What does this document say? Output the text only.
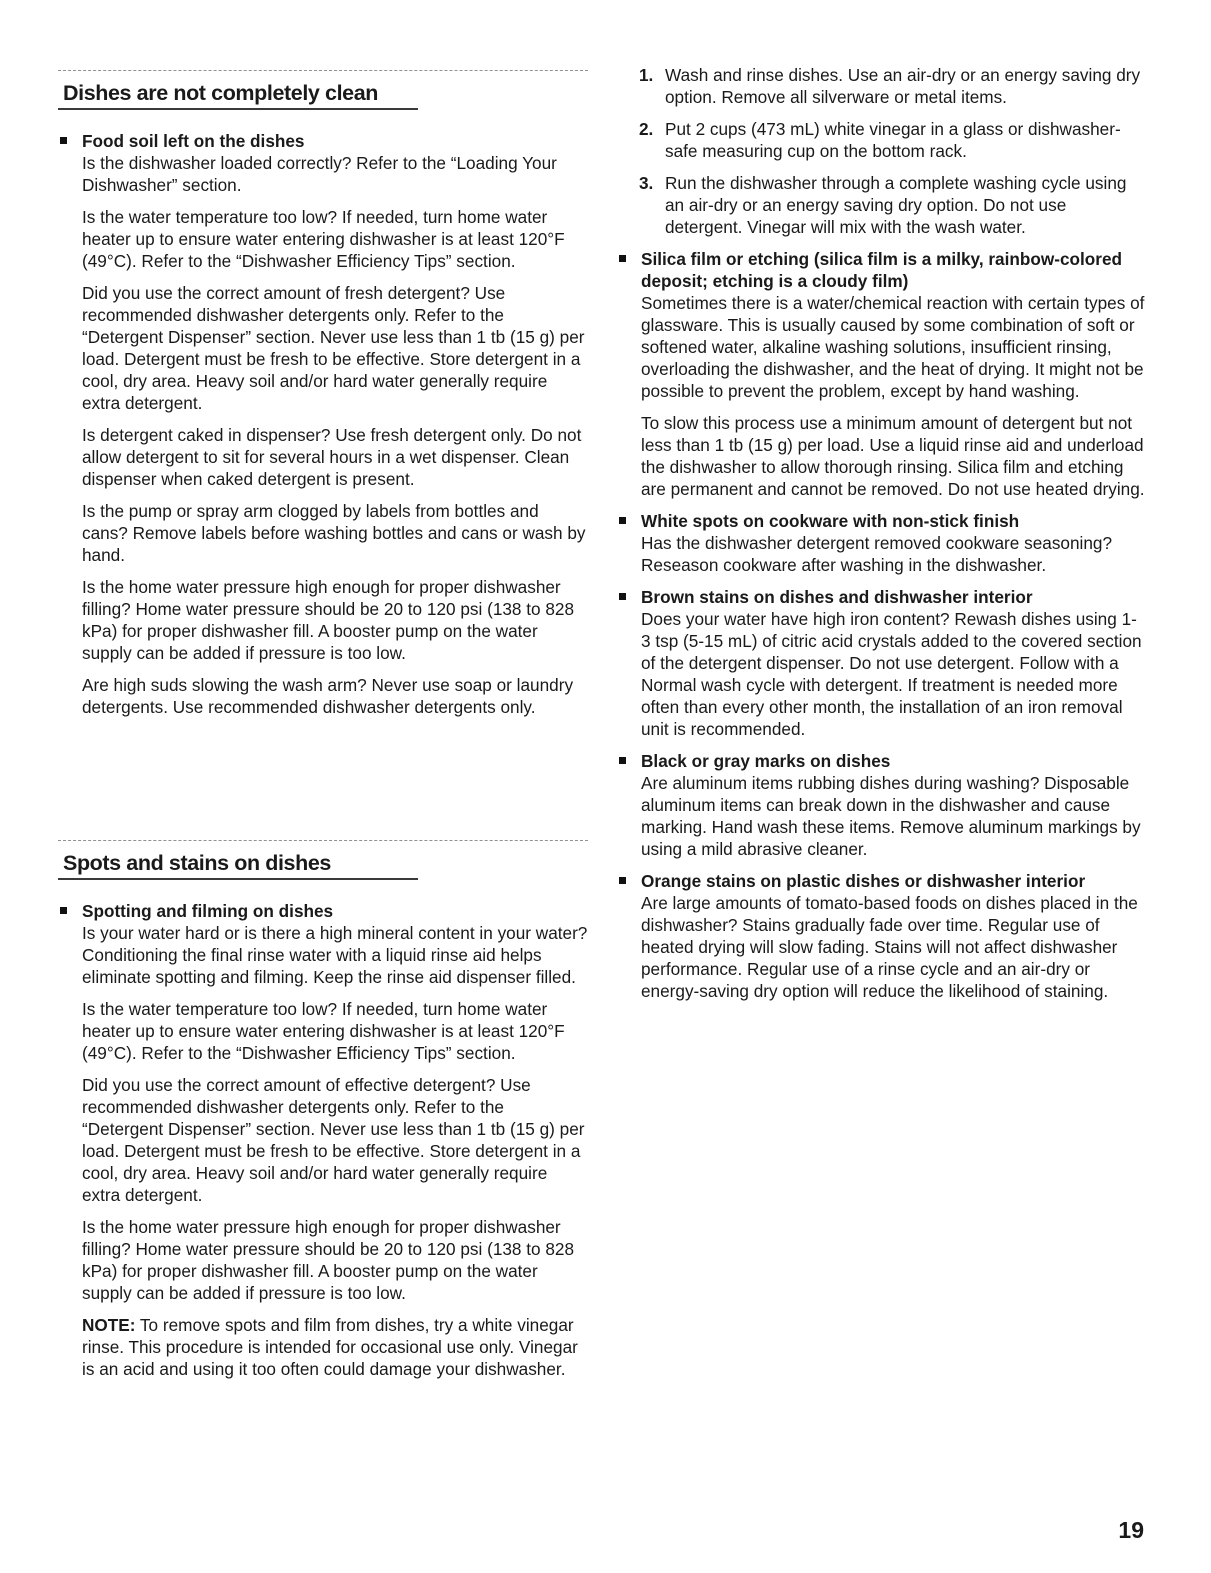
Dishes are not completely clean

Food soil left on the dishes

Is the dishwasher loaded correctly? Refer to the “Loading Your Dishwasher” section.

Is the water temperature too low? If needed, turn home water heater up to ensure water entering dishwasher is at least 120°F (49°C). Refer to the “Dishwasher Efficiency Tips” section.

Did you use the correct amount of fresh detergent? Use recommended dishwasher detergents only. Refer to the “Detergent Dispenser” section. Never use less than 1 tb (15 g) per load. Detergent must be fresh to be effective. Store detergent in a cool, dry area. Heavy soil and/or hard water generally require extra detergent.

Is detergent caked in dispenser? Use fresh detergent only. Do not allow detergent to sit for several hours in a wet dispenser. Clean dispenser when caked detergent is present.

Is the pump or spray arm clogged by labels from bottles and cans? Remove labels before washing bottles and cans or wash by hand.

Is the home water pressure high enough for proper dishwasher filling? Home water pressure should be 20 to 120 psi (138 to 828 kPa) for proper dishwasher fill. A booster pump on the water supply can be added if pressure is too low.

Are high suds slowing the wash arm? Never use soap or laundry detergents. Use recommended dishwasher detergents only.

Spots and stains on dishes

Spotting and filming on dishes

Is your water hard or is there a high mineral content in your water? Conditioning the final rinse water with a liquid rinse aid helps eliminate spotting and filming. Keep the rinse aid dispenser filled.

Is the water temperature too low? If needed, turn home water heater up to ensure water entering dishwasher is at least 120°F (49°C). Refer to the “Dishwasher Efficiency Tips” section.

Did you use the correct amount of effective detergent? Use recommended dishwasher detergents only. Refer to the “Detergent Dispenser” section. Never use less than 1 tb (15 g) per load. Detergent must be fresh to be effective. Store detergent in a cool, dry area. Heavy soil and/or hard water generally require extra detergent.

Is the home water pressure high enough for proper dishwasher filling? Home water pressure should be 20 to 120 psi (138 to 828 kPa) for proper dishwasher fill. A booster pump on the water supply can be added if pressure is too low.

NOTE: To remove spots and film from dishes, try a white vinegar rinse. This procedure is intended for occasional use only. Vinegar is an acid and using it too often could damage your dishwasher.

1. Wash and rinse dishes. Use an air-dry or an energy saving dry option. Remove all silverware or metal items.
2. Put 2 cups (473 mL) white vinegar in a glass or dishwasher-safe measuring cup on the bottom rack.
3. Run the dishwasher through a complete washing cycle using an air-dry or an energy saving dry option. Do not use detergent. Vinegar will mix with the wash water.

Silica film or etching (silica film is a milky, rainbow-colored deposit; etching is a cloudy film)

Sometimes there is a water/chemical reaction with certain types of glassware. This is usually caused by some combination of soft or softened water, alkaline washing solutions, insufficient rinsing, overloading the dishwasher, and the heat of drying. It might not be possible to prevent the problem, except by hand washing.

To slow this process use a minimum amount of detergent but not less than 1 tb (15 g) per load. Use a liquid rinse aid and underload the dishwasher to allow thorough rinsing. Silica film and etching are permanent and cannot be removed. Do not use heated drying.

White spots on cookware with non-stick finish

Has the dishwasher detergent removed cookware seasoning? Reseason cookware after washing in the dishwasher.

Brown stains on dishes and dishwasher interior

Does your water have high iron content? Rewash dishes using 1-3 tsp (5-15 mL) of citric acid crystals added to the covered section of the detergent dispenser. Do not use detergent. Follow with a Normal wash cycle with detergent. If treatment is needed more often than every other month, the installation of an iron removal unit is recommended.

Black or gray marks on dishes

Are aluminum items rubbing dishes during washing? Disposable aluminum items can break down in the dishwasher and cause marking. Hand wash these items. Remove aluminum markings by using a mild abrasive cleaner.

Orange stains on plastic dishes or dishwasher interior

Are large amounts of tomato-based foods on dishes placed in the dishwasher? Stains gradually fade over time. Regular use of heated drying will slow fading. Stains will not affect dishwasher performance. Regular use of a rinse cycle and an air-dry or energy-saving dry option will reduce the likelihood of staining.

19
